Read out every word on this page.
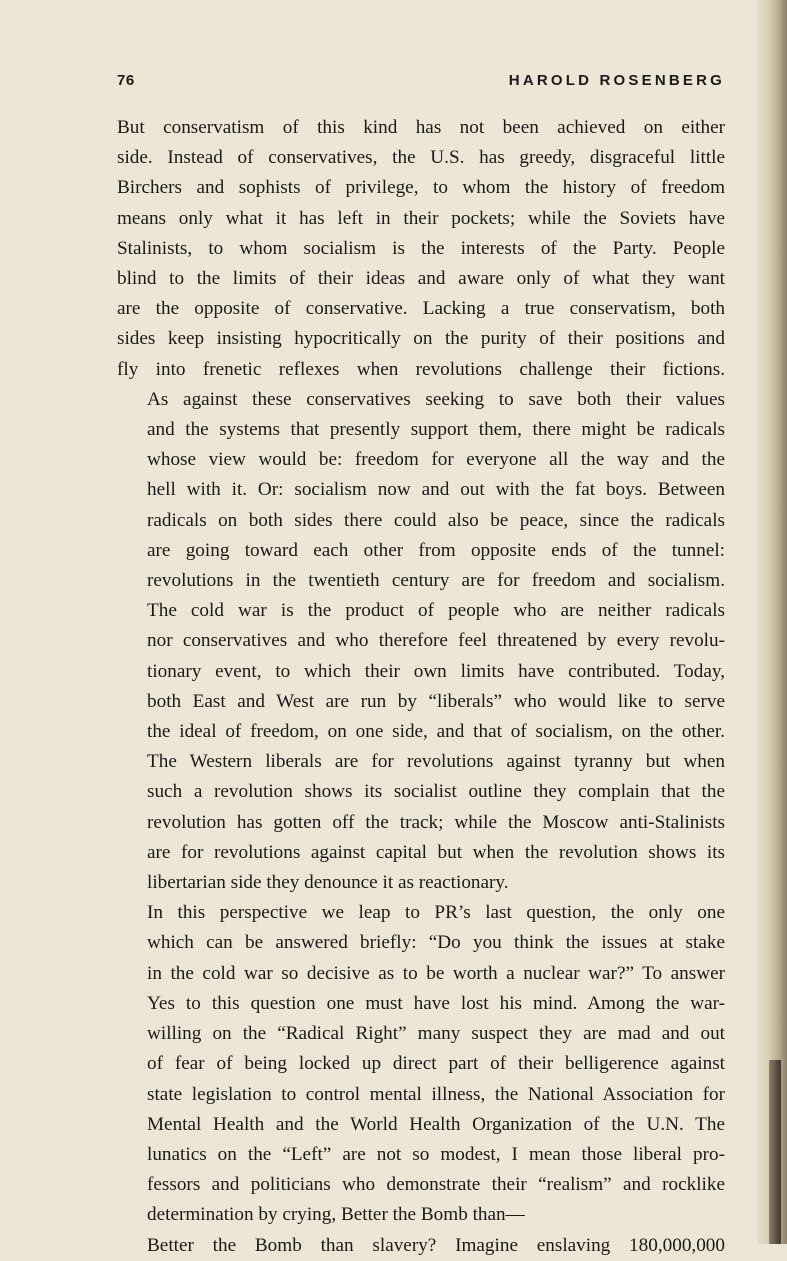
76	HAROLD ROSENBERG

But conservatism of this kind has not been achieved on either
side. Instead of conservatives, the U.S. has greedy, disgraceful little
Birchers and sophists of privilege, to whom the history of freedom
means only what it has left in their pockets; while the Soviets have
Stalinists, to whom socialism is the interests of the Party. People
blind to the limits of their ideas and aware only of what they want
are the opposite of conservative. Lacking a true conservatism, both
sides keep insisting hypocritically on the purity of their positions and
fly into frenetic reflexes when revolutions challenge their fictions.

As against these conservatives seeking to save both their values
and the systems that presently support them, there might be radicals
whose view would be: freedom for everyone all the way and the
hell with it. Or: socialism now and out with the fat boys. Between
radicals on both sides there could also be peace, since the radicals
are going toward each other from opposite ends of the tunnel:
revolutions in the twentieth century are for freedom and socialism.

The cold war is the product of people who are neither radicals
nor conservatives and who therefore feel threatened by every revolu-
tionary event, to which their own limits have contributed. Today,
both East and West are run by “liberals” who would like to serve
the ideal of freedom, on one side, and that of socialism, on the other.
The Western liberals are for revolutions against tyranny but when
such a revolution shows its socialist outline they complain that the
revolution has gotten off the track; while the Moscow anti-Stalinists
are for revolutions against capital but when the revolution shows its
libertarian side they denounce it as reactionary.

In this perspective we leap to PR’s last question, the only one
which can be answered briefly: “Do you think the issues at stake
in the cold war so decisive as to be worth a nuclear war?” To answer
Yes to this question one must have lost his mind. Among the war-
willing on the “Radical Right” many suspect they are mad and out
of fear of being locked up direct part of their belligerence against
state legislation to control mental illness, the National Association for
Mental Health and the World Health Organization of the U.N. The
lunatics on the “Left” are not so modest, I mean those liberal pro-
fessors and politicians who demonstrate their “realism” and rocklike
determination by crying, Better the Bomb than—

Better the Bomb than slavery? Imagine enslaving 180,000,000
